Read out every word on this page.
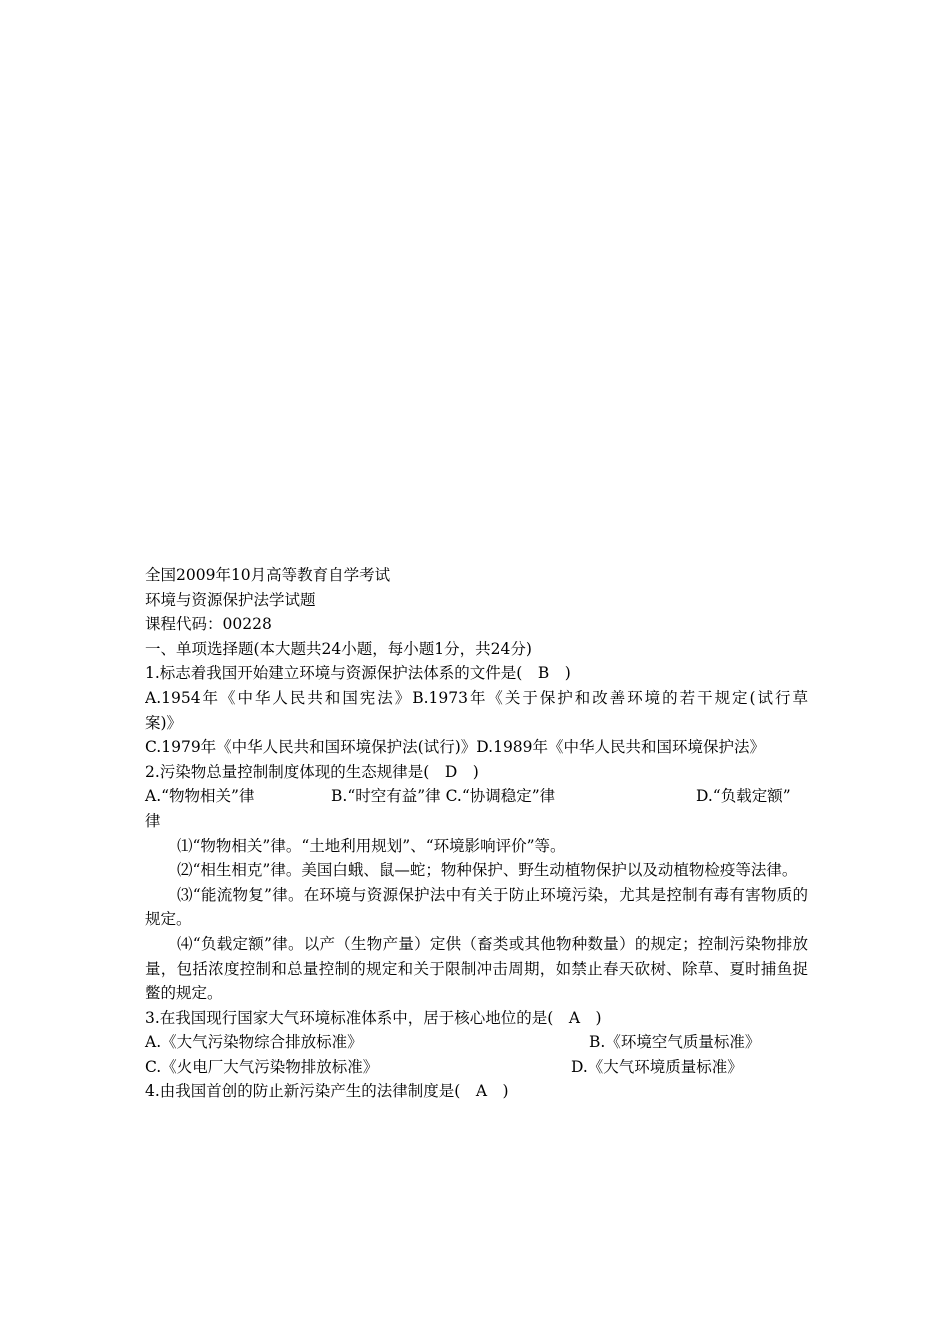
全国2009年10月高等教育自学考试
环境与资源保护法学试题
课程代码：00228
一、单项选择题(本大题共24小题，每小题1分，共24分)
1.标志着我国开始建立环境与资源保护法体系的文件是(　B　)
A.1954年《中华人民共和国宪法》B.1973年《关于保护和改善环境的若干规定(试行草
案)》
C.1979年《中华人民共和国环境保护法(试行)》D.1989年《中华人民共和国环境保护法》
2.污染物总量控制制度体现的生态规律是(　D　)
A.“物物相关”律	B.“时空有益”律 C.“协调稳定”律	D.“负载定额”
律
⑴“物物相关”律。“土地利用规划”、“环境影响评价”等。
⑵“相生相克”律。美国白蛾、鼠—蛇；物种保护、野生动植物保护以及动植物检疫等法律。
⑶“能流物复”律。在环境与资源保护法中有关于防止环境污染，尤其是控制有毒有害物质的规定。
⑷“负载定额”律。以产（生物产量）定供（畜类或其他物种数量）的规定；控制污染物排放量，包括浓度控制和总量控制的规定和关于限制冲击周期，如禁止春天砍树、除草、夏时捕鱼捉鳖的规定。
3.在我国现行国家大气环境标准体系中，居于核心地位的是(　A　)
A.《大气污染物综合排放标准》	B.《环境空气质量标准》
C.《火电厂大气污染物排放标准》	D.《大气环境质量标准》
4.由我国首创的防止新污染产生的法律制度是(　A　)
